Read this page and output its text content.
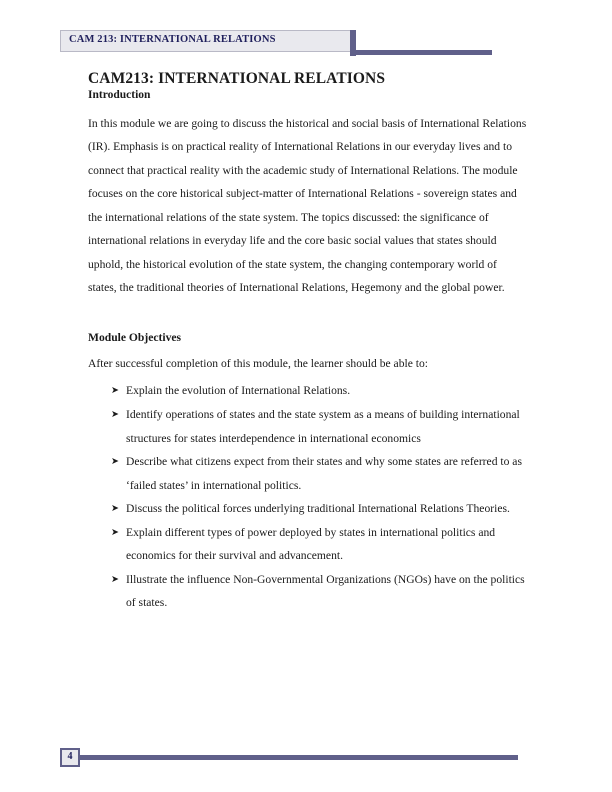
CAM 213: INTERNATIONAL RELATIONS
CAM213: INTERNATIONAL RELATIONS
Introduction

In this module we are going to discuss the historical and social basis of International Relations (IR). Emphasis is on practical reality of International Relations in our everyday lives and to connect that practical reality with the academic study of International Relations. The module focuses on the core historical subject-matter of International Relations - sovereign states and the international relations of the state system. The topics discussed: the significance of international relations in everyday life and the core basic social values that states should uphold, the historical evolution of the state system, the changing contemporary world of states, the traditional theories of International Relations, Hegemony and the global power.

Module Objectives

After successful completion of this module, the learner should be able to:

➤ Explain the evolution of International Relations.
➤ Identify operations of states and the state system as a means of building international structures for states interdependence in international economics
➤ Describe what citizens expect from their states and why some states are referred to as ‘failed states’ in international politics.
➤ Discuss the political forces underlying traditional International Relations Theories.
➤ Explain different types of power deployed by states in international politics and economics for their survival and advancement.
➤ Illustrate the influence Non-Governmental Organizations (NGOs) have on the politics of states.
4
